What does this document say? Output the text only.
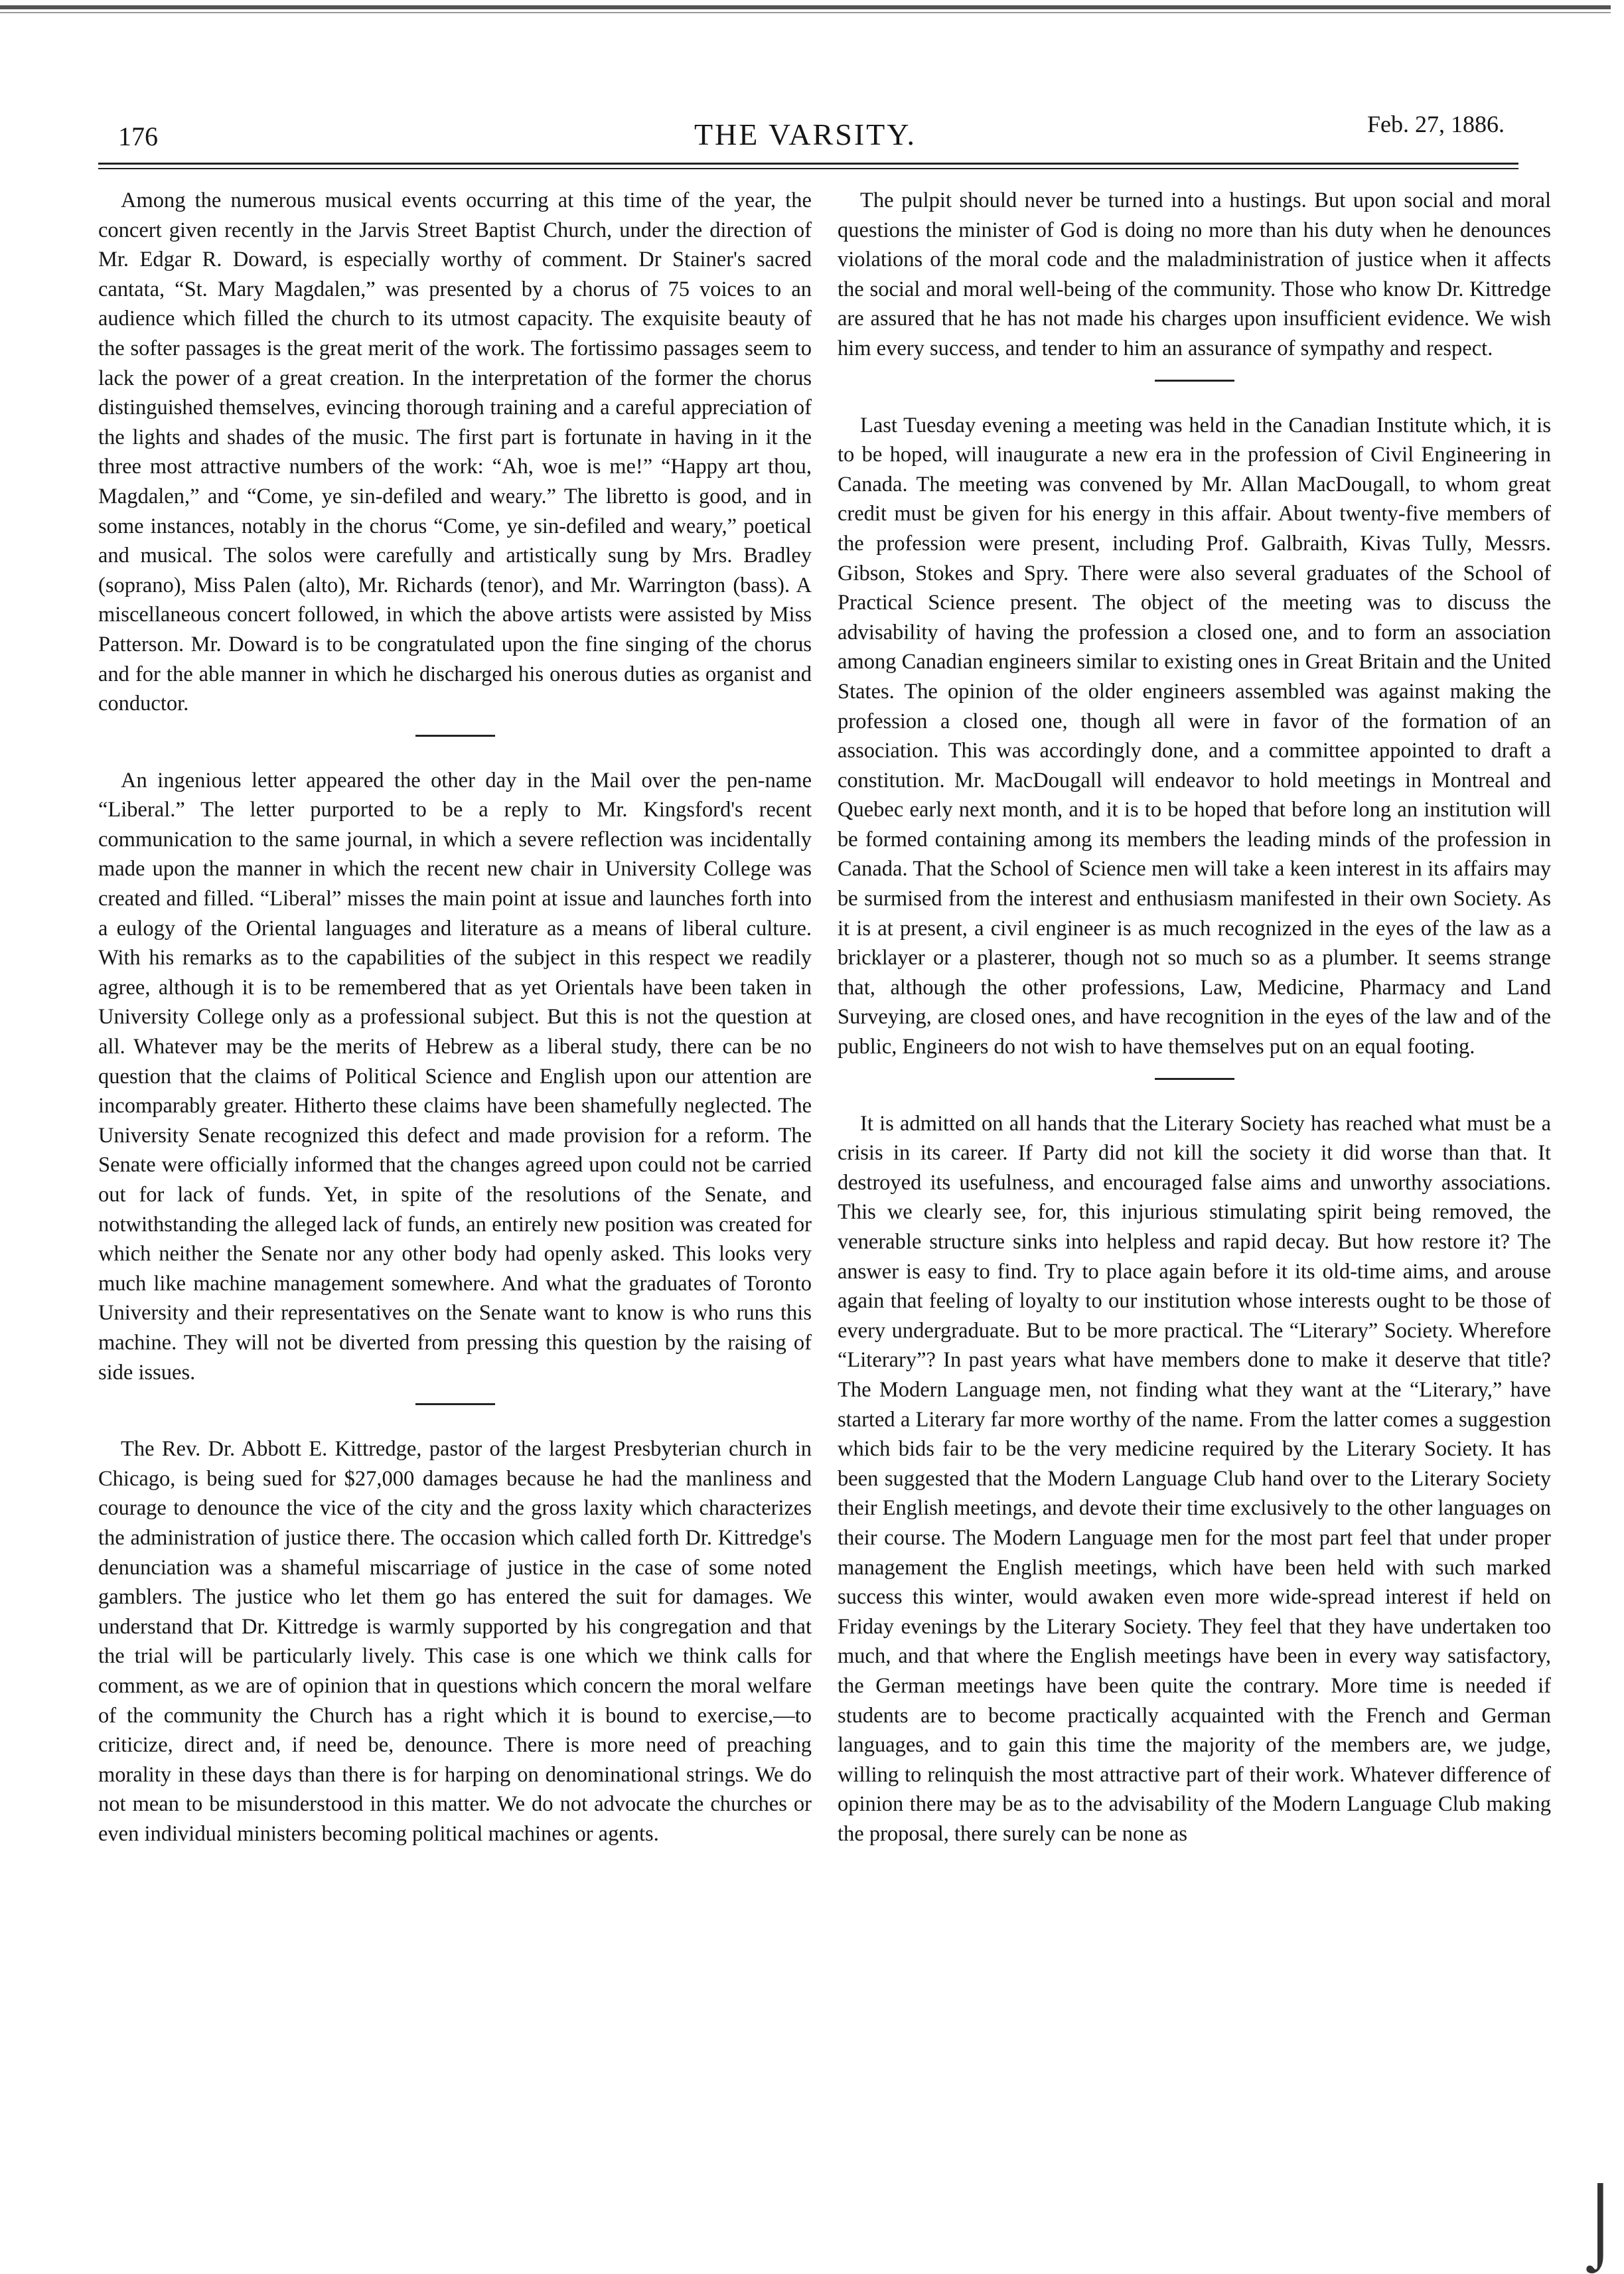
176	THE VARSITY.	Feb. 27, 1886.

Among the numerous musical events occurring at this time of the year, the concert given recently in the Jarvis Street Baptist Church, under the direction of Mr. Edgar R. Doward, is especially worthy of comment. Dr Stainer's sacred cantata, “St. Mary Magdalen,” was presented by a chorus of 75 voices to an audience which filled the church to its utmost capacity. The exquisite beauty of the softer passages is the great merit of the work. The fortissimo passages seem to lack the power of a great creation. In the interpretation of the former the chorus distinguished themselves, evincing thorough training and a careful appreciation of the lights and shades of the music. The first part is fortunate in having in it the three most attractive numbers of the work: “Ah, woe is me!” “Happy art thou, Magdalen,” and “Come, ye sin-defiled and weary.” The libretto is good, and in some instances, notably in the chorus “Come, ye sin-defiled and weary,” poetical and musical. The solos were carefully and artistically sung by Mrs. Bradley (soprano), Miss Palen (alto), Mr. Richards (tenor), and Mr. Warrington (bass). A miscellaneous concert followed, in which the above artists were assisted by Miss Patterson. Mr. Doward is to be congratulated upon the fine singing of the chorus and for the able manner in which he discharged his onerous duties as organist and conductor.

An ingenious letter appeared the other day in the Mail over the pen-name “Liberal.” The letter purported to be a reply to Mr. Kingsford's recent communication to the same journal, in which a severe reflection was incidentally made upon the manner in which the recent new chair in University College was created and filled. “Liberal” misses the main point at issue and launches forth into a eulogy of the Oriental languages and literature as a means of liberal culture. With his remarks as to the capabilities of the subject in this respect we readily agree, although it is to be remembered that as yet Orientals have been taken in University College only as a professional subject. But this is not the question at all. Whatever may be the merits of Hebrew as a liberal study, there can be no question that the claims of Political Science and English upon our attention are incomparably greater. Hitherto these claims have been shamefully neglected. The University Senate recognized this defect and made provision for a reform. The Senate were officially informed that the changes agreed upon could not be carried out for lack of funds. Yet, in spite of the resolutions of the Senate, and notwithstanding the alleged lack of funds, an entirely new position was created for which neither the Senate nor any other body had openly asked. This looks very much like machine management somewhere. And what the graduates of Toronto University and their representatives on the Senate want to know is who runs this machine. They will not be diverted from pressing this question by the raising of side issues.

The Rev. Dr. Abbott E. Kittredge, pastor of the largest Presbyterian church in Chicago, is being sued for $27,000 damages because he had the manliness and courage to denounce the vice of the city and the gross laxity which characterizes the administration of justice there. The occasion which called forth Dr. Kittredge's denunciation was a shameful miscarriage of justice in the case of some noted gamblers. The justice who let them go has entered the suit for damages. We understand that Dr. Kittredge is warmly supported by his congregation and that the trial will be particularly lively. This case is one which we think calls for comment, as we are of opinion that in questions which concern the moral welfare of the community the Church has a right which it is bound to exercise,—to criticize, direct and, if need be, denounce. There is more need of preaching morality in these days than there is for harping on denominational strings. We do not mean to be misunderstood in this matter. We do not advocate the churches or even individual ministers becoming political machines or agents.

The pulpit should never be turned into a hustings. But upon social and moral questions the minister of God is doing no more than his duty when he denounces violations of the moral code and the maladministration of justice when it affects the social and moral well-being of the community. Those who know Dr. Kittredge are assured that he has not made his charges upon insufficient evidence. We wish him every success, and tender to him an assurance of sympathy and respect.

Last Tuesday evening a meeting was held in the Canadian Institute which, it is to be hoped, will inaugurate a new era in the profession of Civil Engineering in Canada. The meeting was convened by Mr. Allan MacDougall, to whom great credit must be given for his energy in this affair. About twenty-five members of the profession were present, including Prof. Galbraith, Kivas Tully, Messrs. Gibson, Stokes and Spry. There were also several graduates of the School of Practical Science present. The object of the meeting was to discuss the advisability of having the profession a closed one, and to form an association among Canadian engineers similar to existing ones in Great Britain and the United States. The opinion of the older engineers assembled was against making the profession a closed one, though all were in favor of the formation of an association. This was accordingly done, and a committee appointed to draft a constitution. Mr. MacDougall will endeavor to hold meetings in Montreal and Quebec early next month, and it is to be hoped that before long an institution will be formed containing among its members the leading minds of the profession in Canada. That the School of Science men will take a keen interest in its affairs may be surmised from the interest and enthusiasm manifested in their own Society. As it is at present, a civil engineer is as much recognized in the eyes of the law as a bricklayer or a plasterer, though not so much so as a plumber. It seems strange that, although the other professions, Law, Medicine, Pharmacy and Land Surveying, are closed ones, and have recognition in the eyes of the law and of the public, Engineers do not wish to have themselves put on an equal footing.

It is admitted on all hands that the Literary Society has reached what must be a crisis in its career. If Party did not kill the society it did worse than that. It destroyed its usefulness, and encouraged false aims and unworthy associations. This we clearly see, for, this injurious stimulating spirit being removed, the venerable structure sinks into helpless and rapid decay. But how restore it? The answer is easy to find. Try to place again before it its old-time aims, and arouse again that feeling of loyalty to our institution whose interests ought to be those of every undergraduate. But to be more practical. The “Literary” Society. Wherefore “Literary”? In past years what have members done to make it deserve that title? The Modern Language men, not finding what they want at the “Literary,” have started a Literary far more worthy of the name. From the latter comes a suggestion which bids fair to be the very medicine required by the Literary Society. It has been suggested that the Modern Language Club hand over to the Literary Society their English meetings, and devote their time exclusively to the other languages on their course. The Modern Language men for the most part feel that under proper management the English meetings, which have been held with such marked success this winter, would awaken even more wide-spread interest if held on Friday evenings by the Literary Society. They feel that they have undertaken too much, and that where the English meetings have been in every way satisfactory, the German meetings have been quite the contrary. More time is needed if students are to become practically acquainted with the French and German languages, and to gain this time the majority of the members are, we judge, willing to relinquish the most attractive part of their work. Whatever difference of opinion there may be as to the advisability of the Modern Language Club making the proposal, there surely can be none as

⌡
